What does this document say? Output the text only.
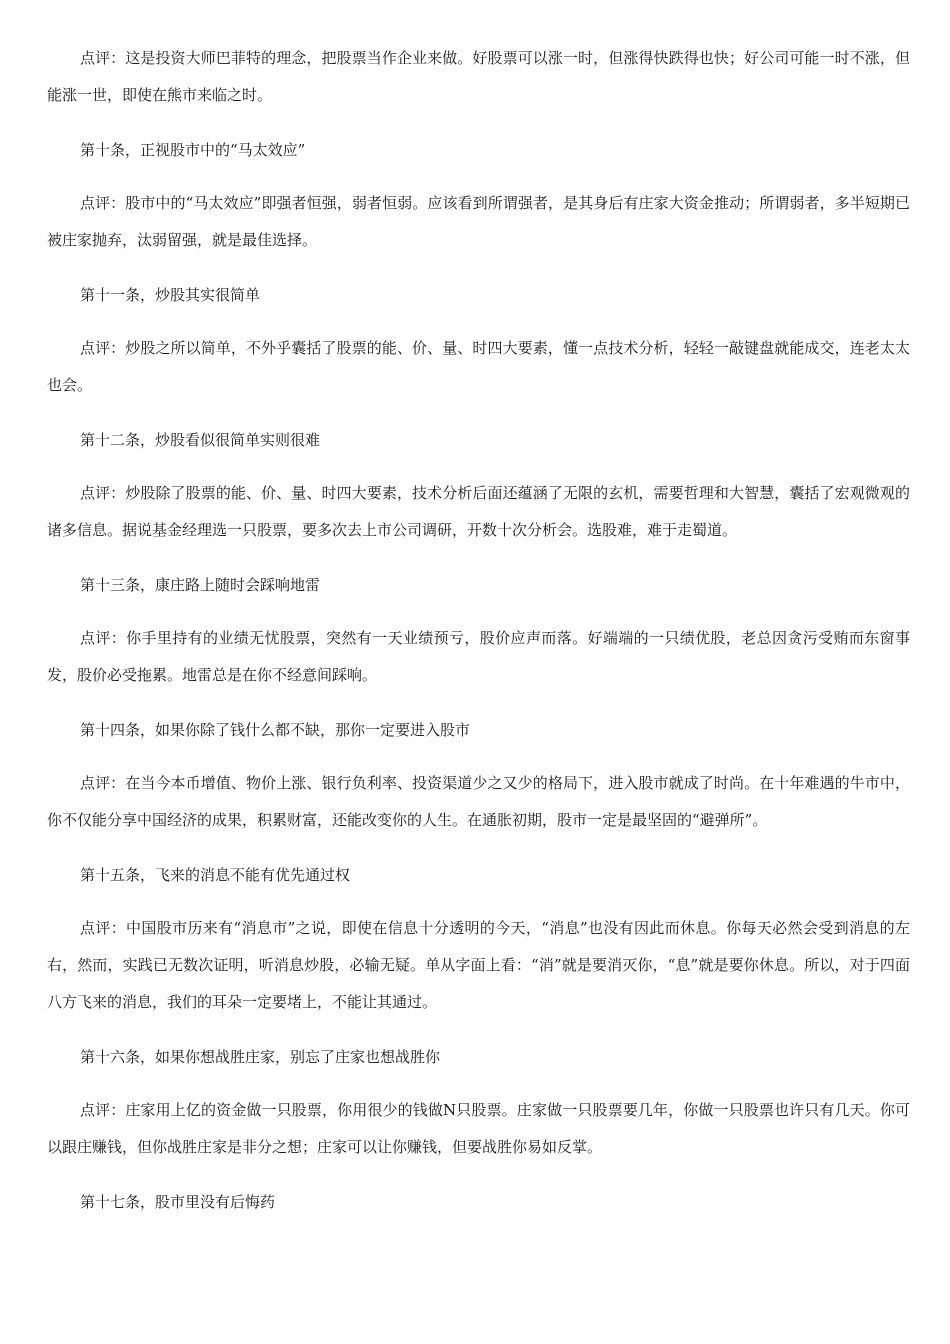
点评：这是投资大师巴菲特的理念，把股票当作企业来做。好股票可以涨一时，但涨得快跌得也快；好公司可能一时不涨，但能涨一世，即使在熊市来临之时。

第十条，正视股市中的“马太效应”

点评：股市中的“马太效应”即强者恒强，弱者恒弱。应该看到所谓强者，是其身后有庄家大资金推动；所谓弱者，多半短期已被庄家抛弃，汰弱留强，就是最佳选择。

第十一条，炒股其实很简单

点评：炒股之所以简单，不外乎囊括了股票的能、价、量、时四大要素，懂一点技术分析，轻轻一敲键盘就能成交，连老太太也会。

第十二条，炒股看似很简单实则很难

点评：炒股除了股票的能、价、量、时四大要素，技术分析后面还蕴涵了无限的玄机，需要哲理和大智慧，囊括了宏观微观的诸多信息。据说基金经理选一只股票，要多次去上市公司调研，开数十次分析会。选股难，难于走蜀道。

第十三条，康庄路上随时会踩响地雷

点评：你手里持有的业绩无忧股票，突然有一天业绩预亏，股价应声而落。好端端的一只绩优股，老总因贪污受贿而东窗事发，股价必受拖累。地雷总是在你不经意间踩响。

第十四条，如果你除了钱什么都不缺，那你一定要进入股市

点评：在当今本币增值、物价上涨、银行负利率、投资渠道少之又少的格局下，进入股市就成了时尚。在十年难遇的牛市中，你不仅能分享中国经济的成果，积累财富，还能改变你的人生。在通胀初期，股市一定是最坚固的“避弹所”。

第十五条，飞来的消息不能有优先通过权

点评：中国股市历来有“消息市”之说，即使在信息十分透明的今天，“消息”也没有因此而休息。你每天必然会受到消息的左右，然而，实践已无数次证明，听消息炒股，必输无疑。单从字面上看：“消”就是要消灭你，“息”就是要你休息。所以，对于四面八方飞来的消息，我们的耳朵一定要堵上，不能让其通过。

第十六条，如果你想战胜庄家，别忘了庄家也想战胜你

点评：庄家用上亿的资金做一只股票，你用很少的钱做N只股票。庄家做一只股票要几年，你做一只股票也许只有几天。你可以跟庄赚钱，但你战胜庄家是非分之想；庄家可以让你赚钱，但要战胜你易如反掌。

第十七条，股市里没有后悔药
